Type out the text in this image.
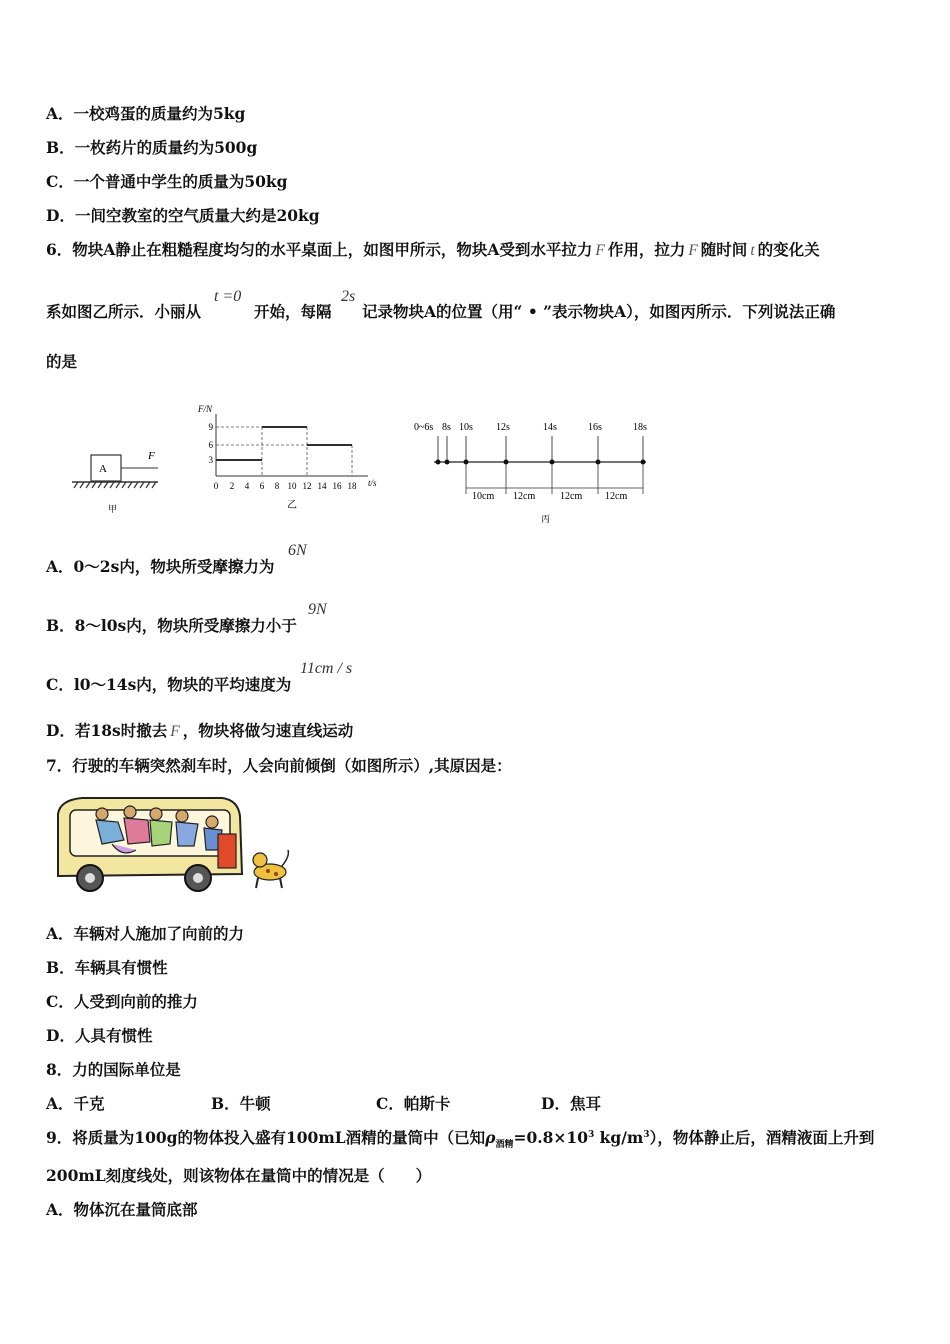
A．一校鸡蛋的质量约为5kg
B．一枚药片的质量约为500g
C．一个普通中学生的质量为50kg
D．一间空教室的空气质量大约是20kg
6．物块A静止在粗糙程度均匀的水平桌面上，如图甲所示，物块A受到水平拉力 F 作用，拉力 F 随时间 t 的变化关
系如图乙所示．小丽从
t =0
开始，每隔
2s
记录物块A的位置（用“ • ”表示物块A），如图丙所示．下列说法正确
的是
A
F
甲
F/N
t/s
3
6
9
0 2 4 6 8 10 12 14 16 18
乙
0~6s 8s 10s 12s	14s	16s	18s
10cm 12cm 12cm 12cm
丙
A．0～2s内，物块所受摩擦力为
6N
B．8～l0s内，物块所受摩擦力小于
9N
C．l0～14s内，物块的平均速度为
11cm / s
D．若18s时撤去 F ，物块将做匀速直线运动
7．行驶的车辆突然刹车时，人会向前倾倒（如图所示）,其原因是：
A．车辆对人施加了向前的力
B．车辆具有惯性
C．人受到向前的推力
D．人具有惯性
8．力的国际单位是
A．千克	B．牛顿	C．帕斯卡	D．焦耳
9．将质量为100g的物体投入盛有100mL酒精的量筒中（已知$\rho_{酒精}=0.8\times 10^3$ $kg/m^3$），物体静止后，酒精液面上升到
200mL刻度线处，则该物体在量筒中的情况是（　　）
A．物体沉在量筒底部
